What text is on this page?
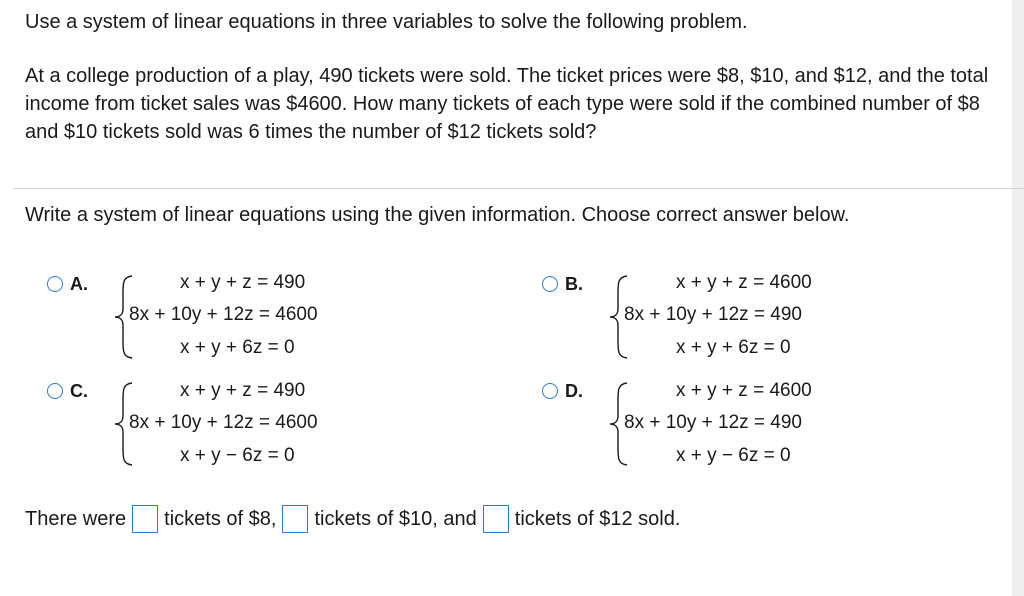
Use a system of linear equations in three variables to solve the following problem.
At a college production of a play, 490 tickets were sold. The ticket prices were $8, $10, and $12, and the total income from ticket sales was $4600. How many tickets of each type were sold if the combined number of $8 and $10 tickets sold was 6 times the number of $12 tickets sold?
Write a system of linear equations using the given information. Choose correct answer below.
A.	x + y + z = 490
8x + 10y + 12z = 4600
x + y + 6z = 0
B.	x + y + z = 4600
8x + 10y + 12z = 490
x + y + 6z = 0
C.	x + y + z = 490
8x + 10y + 12z = 4600
x + y − 6z = 0
D.	x + y + z = 4600
8x + 10y + 12z = 490
x + y − 6z = 0
There were tickets of $8, tickets of $10, and tickets of $12 sold.
